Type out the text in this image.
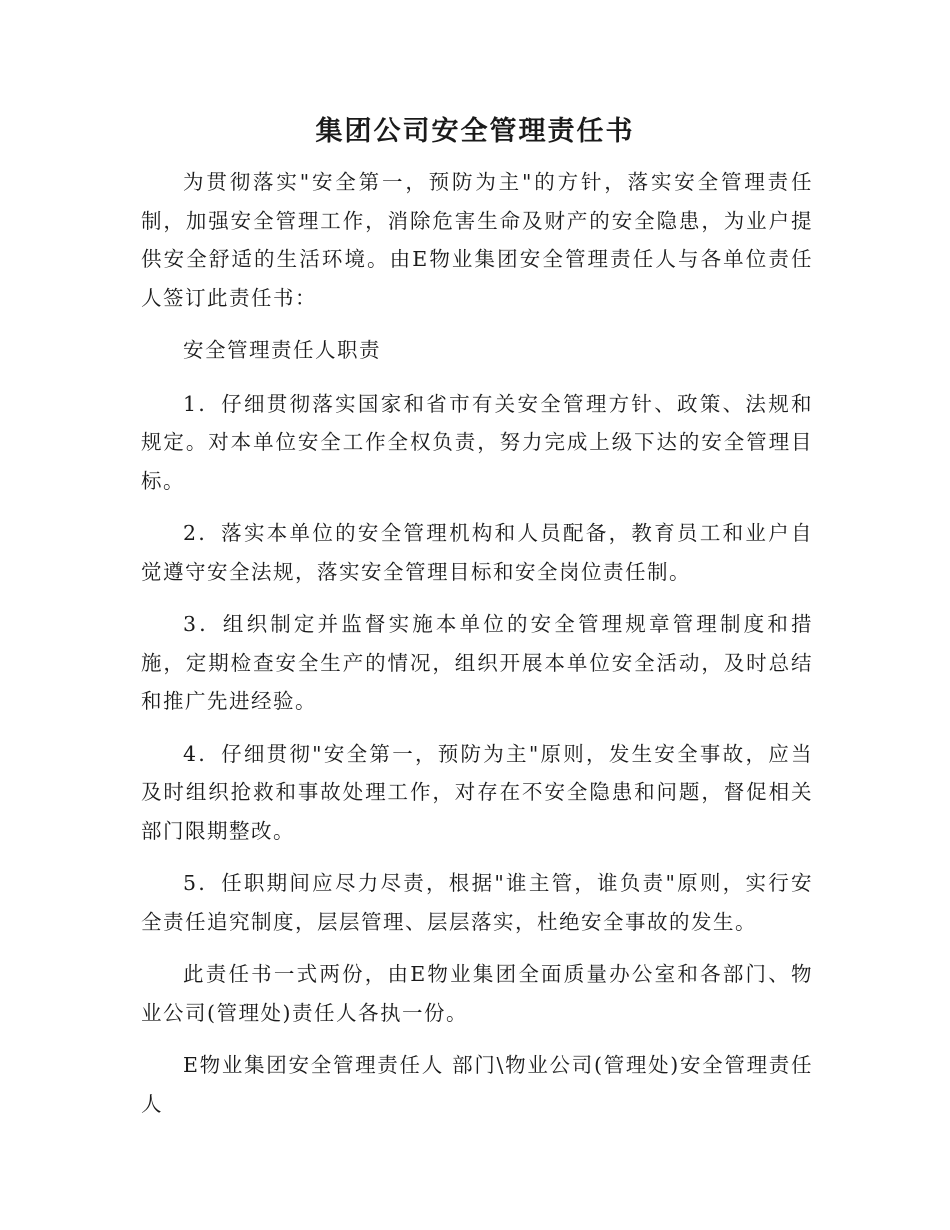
集团公司安全管理责任书

为贯彻落实"安全第一，预防为主"的方针，落实安全管理责任制，加强安全管理工作，消除危害生命及财产的安全隐患，为业户提供安全舒适的生活环境。由E物业集团安全管理责任人与各单位责任人签订此责任书：

安全管理责任人职责

1．仔细贯彻落实国家和省市有关安全管理方针、政策、法规和规定。对本单位安全工作全权负责，努力完成上级下达的安全管理目标。

2．落实本单位的安全管理机构和人员配备，教育员工和业户自觉遵守安全法规，落实安全管理目标和安全岗位责任制。

3．组织制定并监督实施本单位的安全管理规章管理制度和措施，定期检查安全生产的情况，组织开展本单位安全活动，及时总结和推广先进经验。

4．仔细贯彻"安全第一，预防为主"原则，发生安全事故，应当及时组织抢救和事故处理工作，对存在不安全隐患和问题，督促相关部门限期整改。

5．任职期间应尽力尽责，根据"谁主管，谁负责"原则，实行安全责任追究制度，层层管理、层层落实，杜绝安全事故的发生。

此责任书一式两份，由E物业集团全面质量办公室和各部门、物业公司(管理处)责任人各执一份。

E物业集团安全管理责任人 部门\物业公司(管理处)安全管理责任人
